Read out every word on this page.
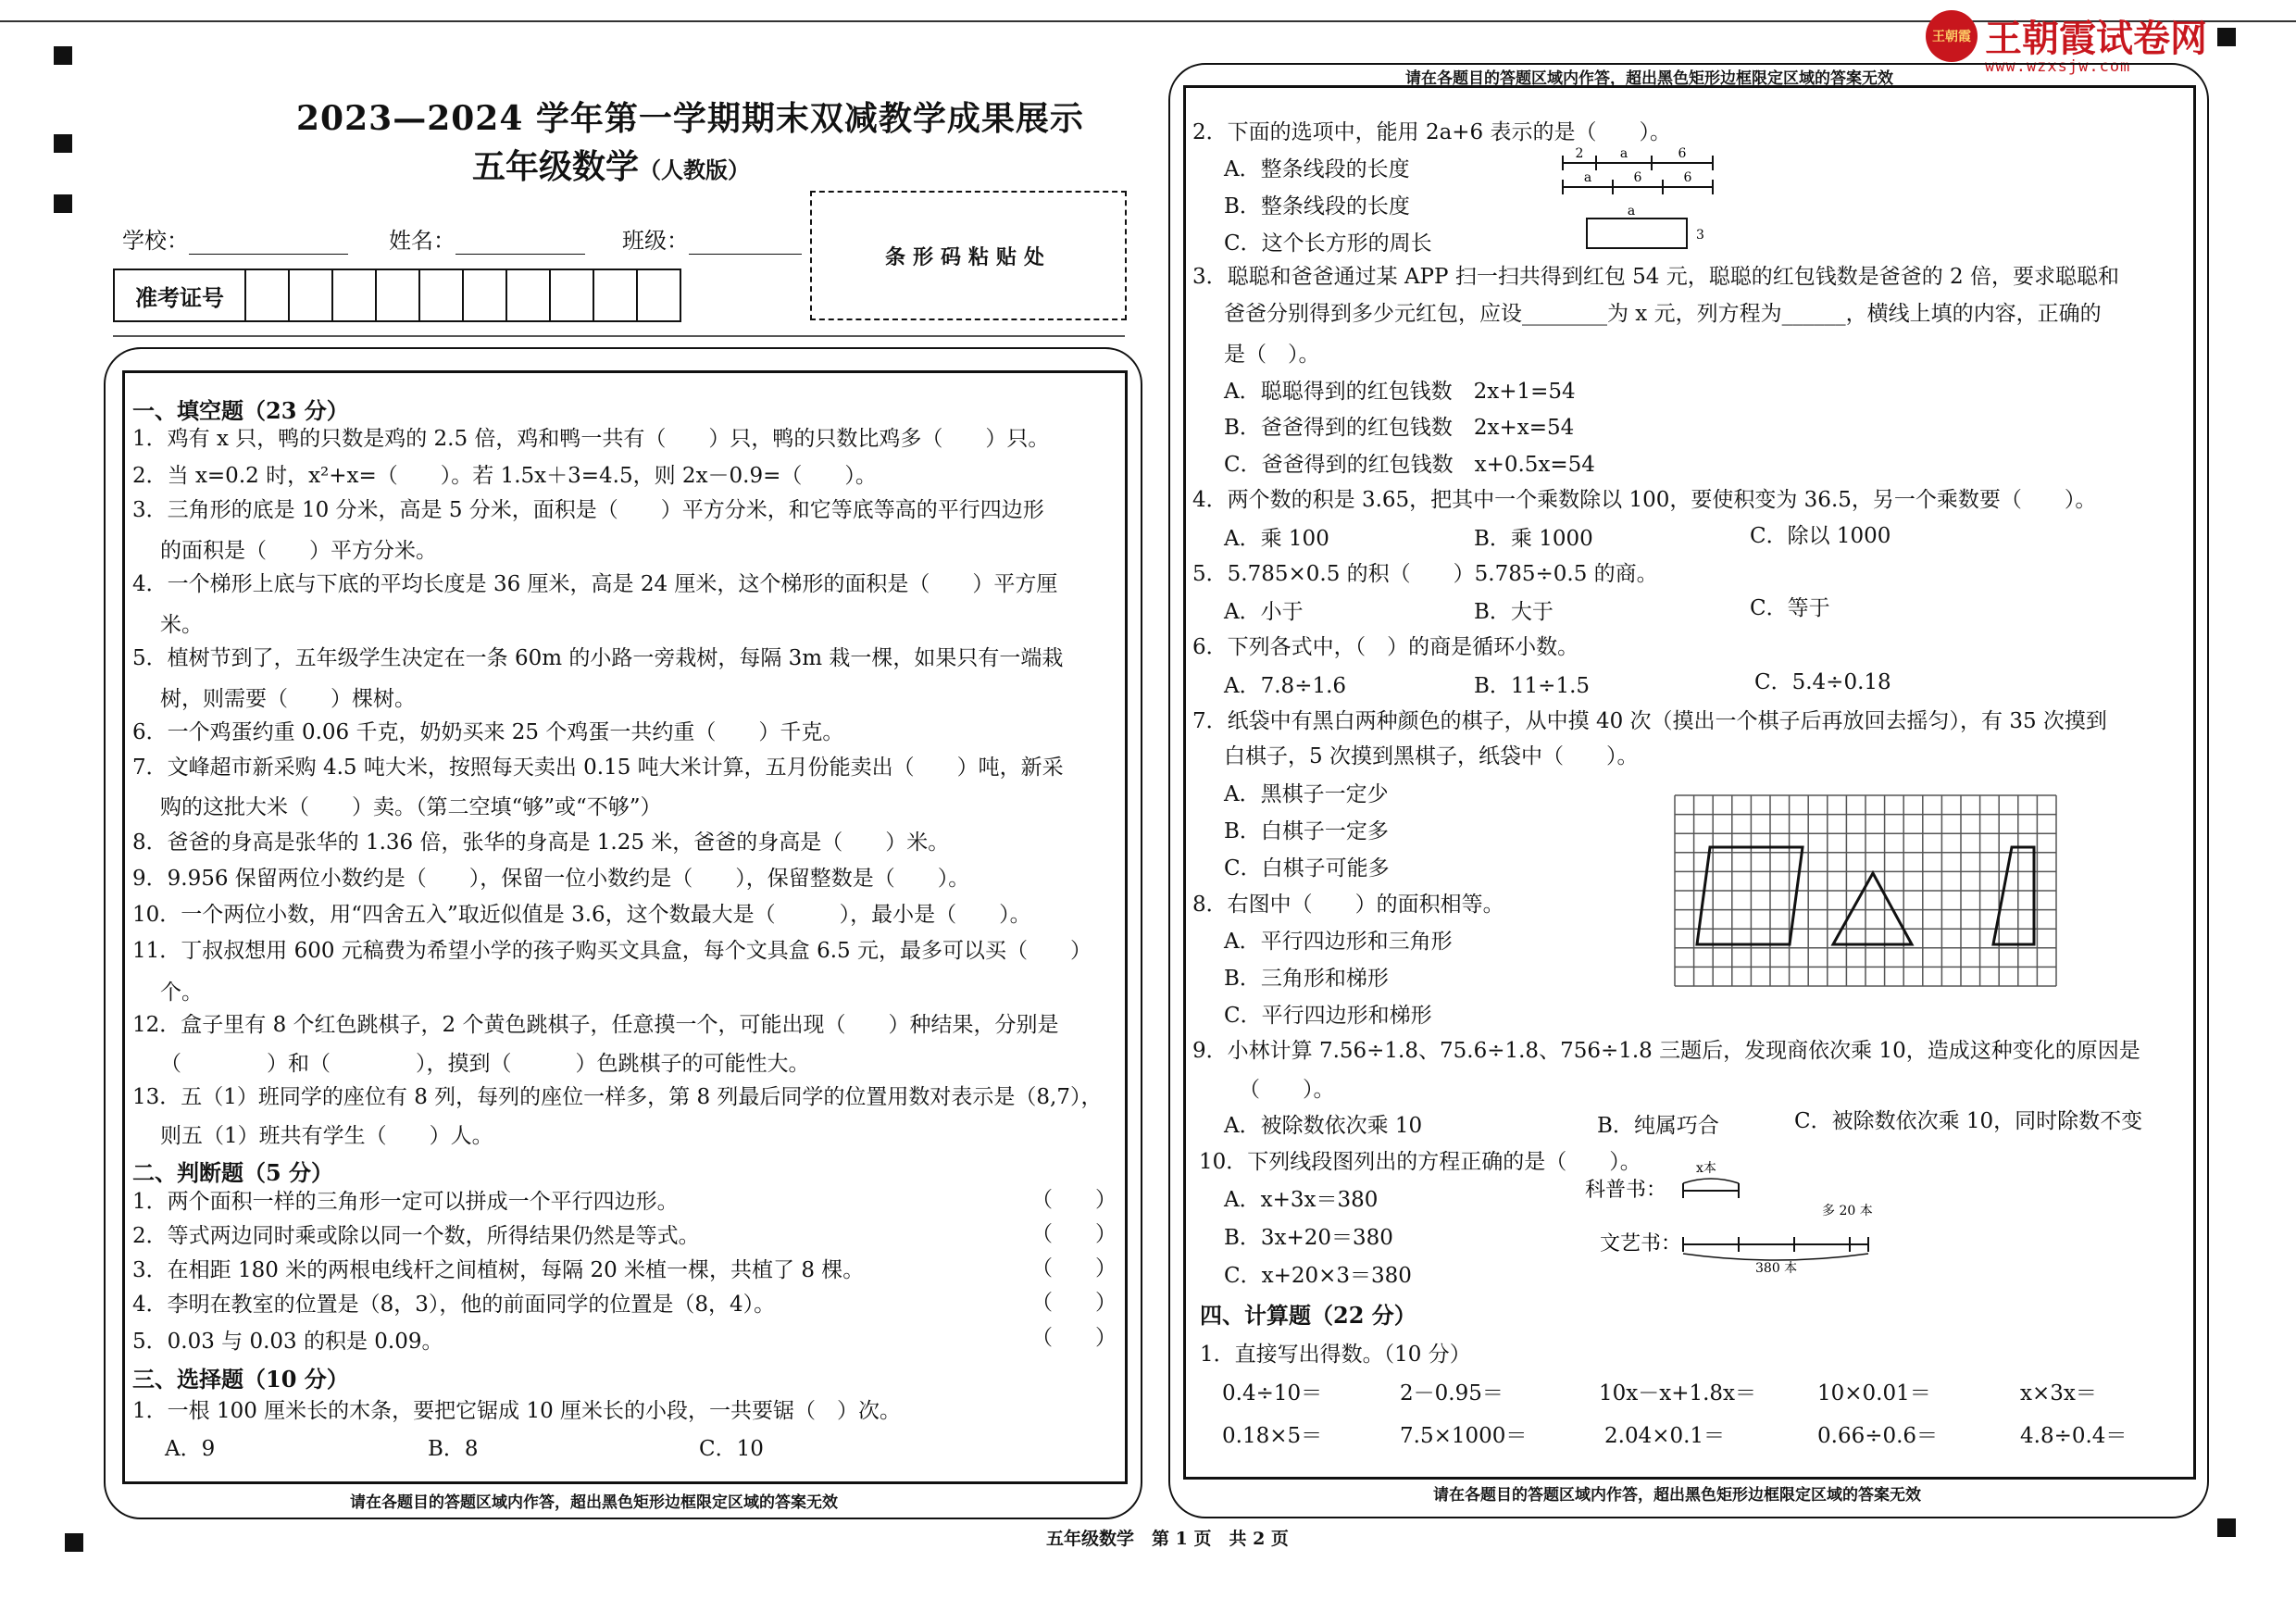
王朝霞 王朝霞试卷网
www.wzxsjw.com
2023—2024 学年第一学期期末双减教学成果展示
五年级数学（人教版）
学校：	姓名：	班级：
准考证号
条形码粘贴处
请在各题目的答题区域内作答，超出黑色矩形边框限定区域的答案无效
请在各题目的答题区域内作答，超出黑色矩形边框限定区域的答案无效
请在各题目的答题区域内作答，超出黑色矩形边框限定区域的答案无效
一、填空题（23 分）
1．鸡有 x 只，鸭的只数是鸡的 2.5 倍，鸡和鸭一共有（　　）只，鸭的只数比鸡多（　　）只。
2．当 x=0.2 时，x²+x=（　　）。若 1.5x＋3=4.5，则 2x－0.9=（　　）。
3．三角形的底是 10 分米，高是 5 分米，面积是（　　）平方分米，和它等底等高的平行四边形
的面积是（　　）平方分米。
4．一个梯形上底与下底的平均长度是 36 厘米，高是 24 厘米，这个梯形的面积是（　　）平方厘
米。
5．植树节到了，五年级学生决定在一条 60m 的小路一旁栽树，每隔 3m 栽一棵，如果只有一端栽
树，则需要（　　）棵树。
6．一个鸡蛋约重 0.06 千克，奶奶买来 25 个鸡蛋一共约重（　　）千克。
7．文峰超市新采购 4.5 吨大米，按照每天卖出 0.15 吨大米计算，五月份能卖出（　　）吨，新采
购的这批大米（　　）卖。（第二空填“够”或“不够”）
8．爸爸的身高是张华的 1.36 倍，张华的身高是 1.25 米，爸爸的身高是（　　）米。
9．9.956 保留两位小数约是（　　），保留一位小数约是（　　），保留整数是（　　）。
10．一个两位小数，用“四舍五入”取近似值是 3.6，这个数最大是（　　　），最小是（　　）。
11．丁叔叔想用 600 元稿费为希望小学的孩子购买文具盒，每个文具盒 6.5 元，最多可以买（　　）
个。
12．盒子里有 8 个红色跳棋子，2 个黄色跳棋子，任意摸一个，可能出现（　　）种结果，分别是
（　　　　）和（　　　　），摸到（　　　）色跳棋子的可能性大。
13．五（1）班同学的座位有 8 列，每列的座位一样多，第 8 列最后同学的位置用数对表示是（8,7），
则五（1）班共有学生（　　）人。
二、判断题（5 分）
1．两个面积一样的三角形一定可以拼成一个平行四边形。
2．等式两边同时乘或除以同一个数，所得结果仍然是等式。
3．在相距 180 米的两根电线杆之间植树，每隔 20 米植一棵，共植了 8 棵。
4．李明在教室的位置是（8，3），他的前面同学的位置是（8，4）。
5．0.03 与 0.03 的积是 0.09。
（　　）
（　　）
（　　）
（　　）
（　　）
三、选择题（10 分）
1．一根 100 厘米长的木条，要把它锯成 10 厘米长的小段，一共要锯（　）次。
A．9	B．8	C．10
2．下面的选项中，能用 2a+6 表示的是（　　）。
A．整条线段的长度
B．整条线段的长度
C．这个长方形的周长
2	a	6
a	6	6
a
3
3．聪聪和爸爸通过某 APP 扫一扫共得到红包 54 元，聪聪的红包钱数是爸爸的 2 倍，要求聪聪和
爸爸分别得到多少元红包，应设________为 x 元，列方程为______，横线上填的内容，正确的
是（　）。
A．聪聪得到的红包钱数　2x+1=54
B．爸爸得到的红包钱数　2x+x=54
C．爸爸得到的红包钱数　x+0.5x=54
4．两个数的积是 3.65，把其中一个乘数除以 100，要使积变为 36.5，另一个乘数要（　　）。
A．乘 100	B．乘 1000	C．除以 1000
5．5.785×0.5 的积（　　）5.785÷0.5 的商。
A．小于	B．大于	C．等于
6．下列各式中，（　）的商是循环小数。
A．7.8÷1.6	B．11÷1.5	C．5.4÷0.18
7．纸袋中有黑白两种颜色的棋子，从中摸 40 次（摸出一个棋子后再放回去摇匀），有 35 次摸到
白棋子，5 次摸到黑棋子，纸袋中（　　）。
A．黑棋子一定少
B．白棋子一定多
C．白棋子可能多
8．右图中（　　）的面积相等。
A．平行四边形和三角形
B．三角形和梯形
C．平行四边形和梯形
9．小林计算 7.56÷1.8、75.6÷1.8、756÷1.8 三题后，发现商依次乘 10，造成这种变化的原因是
（　　）。
A．被除数依次乘 10	B．纯属巧合	C．被除数依次乘 10，同时除数不变
10．下列线段图列出的方程正确的是（　　）。
A．x+3x＝380
B．3x+20＝380
C．x+20×3＝380
科普书：
文艺书：
x本
多 20 本
380 本
四、计算题（22 分）
1．直接写出得数。（10 分）
0.4÷10＝	2－0.95＝	10x－x+1.8x＝	10×0.01＝	x×3x＝
0.18×5＝	7.5×1000＝	2.04×0.1＝	0.66÷0.6＝	4.8÷0.4＝
五年级数学　第 1 页　共 2 页
